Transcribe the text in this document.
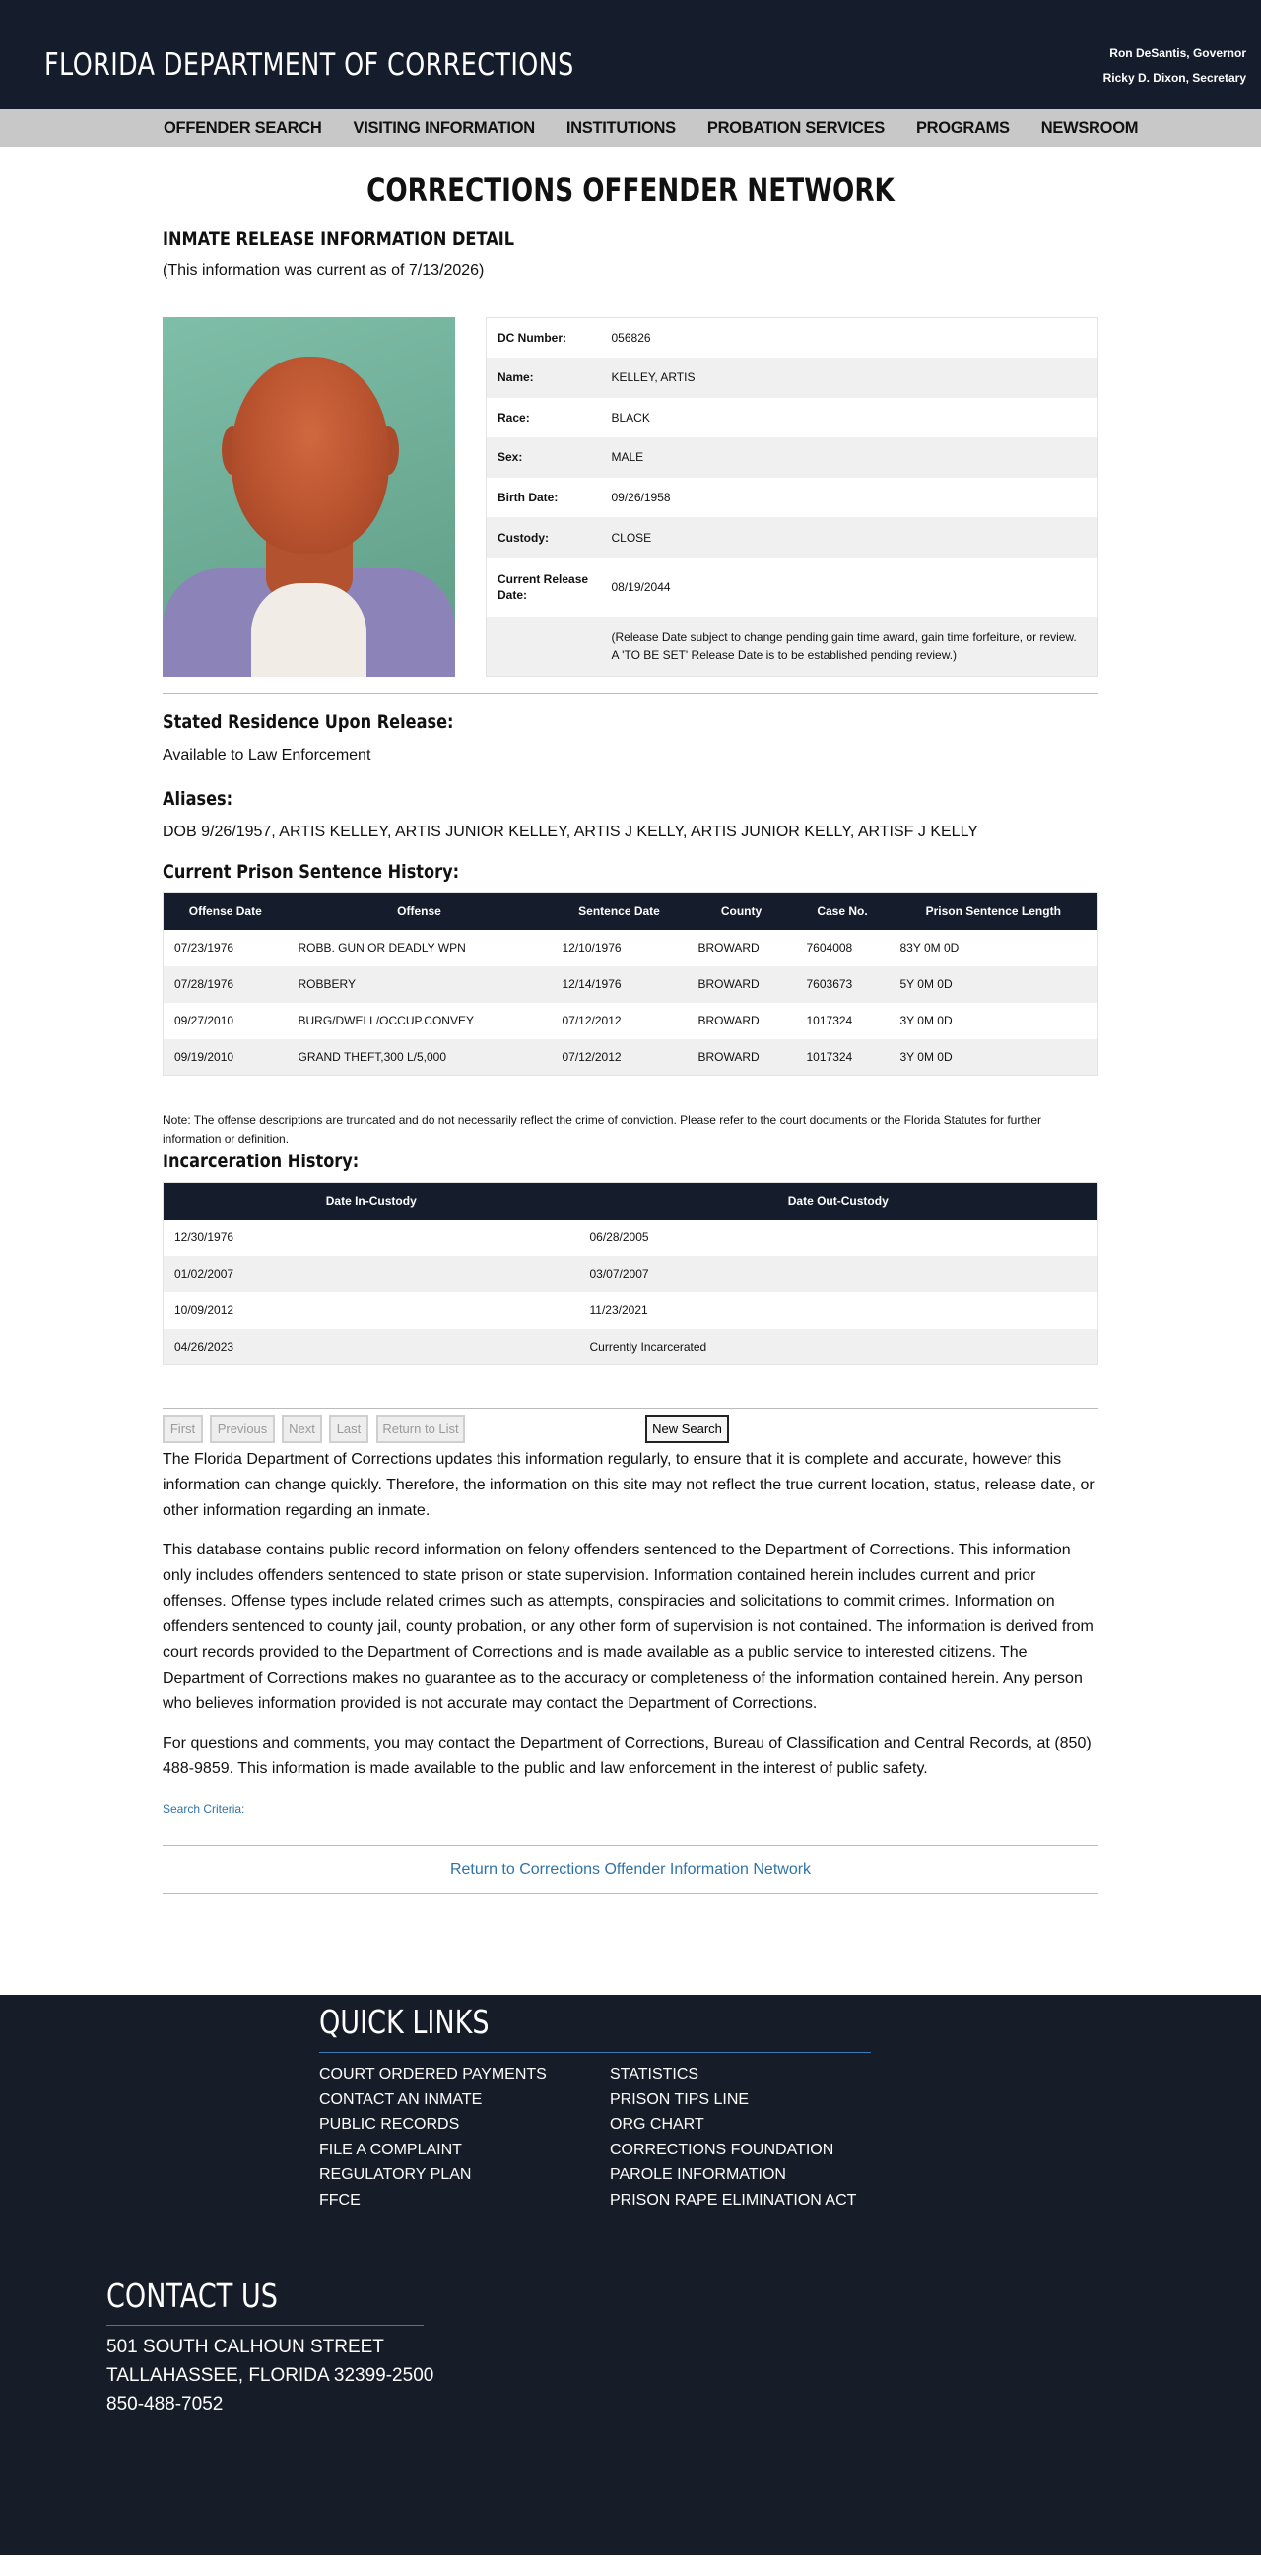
FLORIDA DEPARTMENT OF CORRECTIONS	Ron DeSantis, Governor
Ricky D. Dixon, Secretary
OFFENDER SEARCH VISITING INFORMATION INSTITUTIONS PROBATION SERVICES PROGRAMS NEWSROOM
CORRECTIONS OFFENDER NETWORK
INMATE RELEASE INFORMATION DETAIL
(This information was current as of 7/13/2026)
DC Number:	056826
Name:	KELLEY, ARTIS
Race:	BLACK
Sex:	MALE
Birth Date:	09/26/1958
Custody:	CLOSE
Current Release Date:	08/19/2044
	(Release Date subject to change pending gain time award, gain time forfeiture, or review. A 'TO BE SET' Release Date is to be established pending review.)
Stated Residence Upon Release:
Available to Law Enforcement
Aliases:
DOB 9/26/1957, ARTIS KELLEY, ARTIS JUNIOR KELLEY, ARTIS J KELLY, ARTIS JUNIOR KELLY, ARTISF J KELLY
Current Prison Sentence History:
Offense Date	Offense	Sentence Date	County	Case No.	Prison Sentence Length
07/23/1976	ROBB. GUN OR DEADLY WPN	12/10/1976	BROWARD	7604008	83Y 0M 0D
07/28/1976	ROBBERY	12/14/1976	BROWARD	7603673	5Y 0M 0D
09/27/2010	BURG/DWELL/OCCUP.CONVEY	07/12/2012	BROWARD	1017324	3Y 0M 0D
09/19/2010	GRAND THEFT,300 L/5,000	07/12/2012	BROWARD	1017324	3Y 0M 0D
Note: The offense descriptions are truncated and do not necessarily reflect the crime of conviction. Please refer to the court documents or the Florida Statutes for further information or definition.
Incarceration History:
Date In-Custody	Date Out-Custody
12/30/1976	06/28/2005
01/02/2007	03/07/2007
10/09/2012	11/23/2021
04/26/2023	Currently Incarcerated
First	Previous	Next	Last	Return to List	New Search

The Florida Department of Corrections updates this information regularly, to ensure that it is complete and accurate, however this information can change quickly. Therefore, the information on this site may not reflect the true current location, status, release date, or other information regarding an inmate.

This database contains public record information on felony offenders sentenced to the Department of Corrections. This information only includes offenders sentenced to state prison or state supervision. Information contained herein includes current and prior offenses. Offense types include related crimes such as attempts, conspiracies and solicitations to commit crimes. Information on offenders sentenced to county jail, county probation, or any other form of supervision is not contained. The information is derived from court records provided to the Department of Corrections and is made available as a public service to interested citizens. The Department of Corrections makes no guarantee as to the accuracy or completeness of the information contained herein. Any person who believes information provided is not accurate may contact the Department of Corrections.

For questions and comments, you may contact the Department of Corrections, Bureau of Classification and Central Records, at (850) 488-9859. This information is made available to the public and law enforcement in the interest of public safety.

Search Criteria:
Return to Corrections Offender Information Network
QUICK LINKS
COURT ORDERED PAYMENTS
CONTACT AN INMATE
PUBLIC RECORDS
FILE A COMPLAINT
REGULATORY PLAN
FFCE
STATISTICS
PRISON TIPS LINE
ORG CHART
CORRECTIONS FOUNDATION
PAROLE INFORMATION
PRISON RAPE ELIMINATION ACT
CONTACT US
501 SOUTH CALHOUN STREET
TALLAHASSEE, FLORIDA 32399-2500
850-488-7052
